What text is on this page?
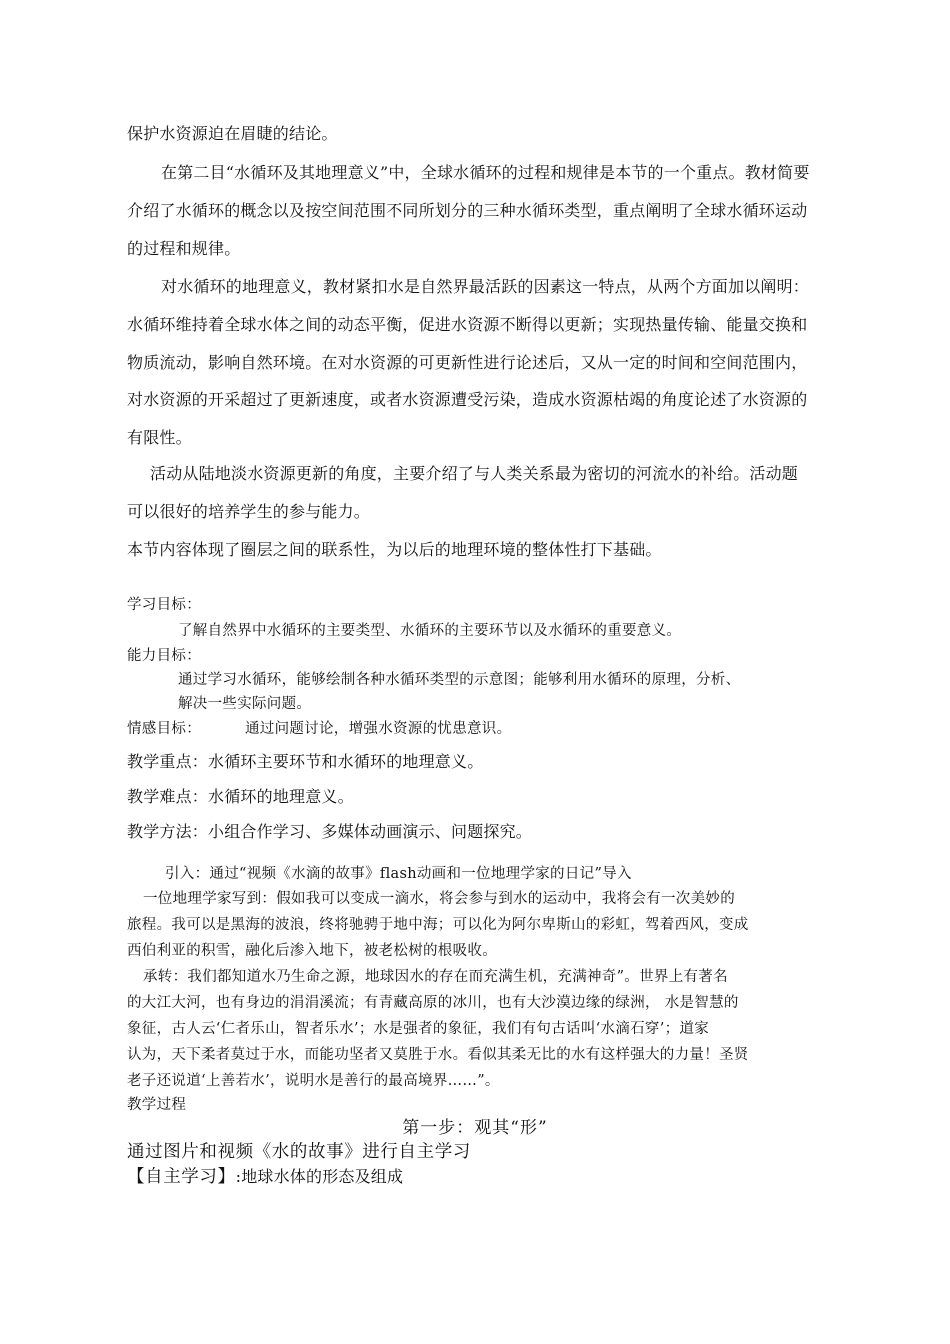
保护水资源迫在眉睫的结论。
在第二目“水循环及其地理意义”中，全球水循环的过程和规律是本节的一个重点。教材简要
介绍了水循环的概念以及按空间范围不同所划分的三种水循环类型，重点阐明了全球水循环运动
的过程和规律。
对水循环的地理意义，教材紧扣水是自然界最活跃的因素这一特点，从两个方面加以阐明：
水循环维持着全球水体之间的动态平衡，促进水资源不断得以更新；实现热量传输、能量交换和
物质流动，影响自然环境。在对水资源的可更新性进行论述后，又从一定的时间和空间范围内，
对水资源的开采超过了更新速度，或者水资源遭受污染，造成水资源枯竭的角度论述了水资源的
有限性。
活动从陆地淡水资源更新的角度，主要介绍了与人类关系最为密切的河流水的补给。活动题
可以很好的培养学生的参与能力。
本节内容体现了圈层之间的联系性，为以后的地理环境的整体性打下基础。
学习目标：
了解自然界中水循环的主要类型、水循环的主要环节以及水循环的重要意义。
能力目标：
通过学习水循环，能够绘制各种水循环类型的示意图；能够利用水循环的原理，分析、
解决一些实际问题。
情感目标：	通过问题讨论，增强水资源的忧患意识。
教学重点：水循环主要环节和水循环的地理意义。
教学难点：水循环的地理意义。
教学方法：小组合作学习、多媒体动画演示、问题探究。
引入：通过“视频《水滴的故事》flash动画和一位地理学家的日记”导入
一位地理学家写到：假如我可以变成一滴水，将会参与到水的运动中，我将会有一次美妙的
旅程。我可以是黑海的波浪，终将驰骋于地中海；可以化为阿尔卑斯山的彩虹，驾着西风，变成
西伯利亚的积雪，融化后渗入地下，被老松树的根吸收。
承转：我们都知道水乃生命之源，地球因水的存在而充满生机，充满神奇”。世界上有著名
的大江大河，也有身边的涓涓溪流；有青藏高原的冰川，也有大沙漠边缘的绿洲， 水是智慧的
象征，古人云‘仁者乐山，智者乐水’；水是强者的象征，我们有句古话叫‘水滴石穿’；道家
认为，天下柔者莫过于水，而能功坚者又莫胜于水。看似其柔无比的水有这样强大的力量！圣贤
老子还说道‘上善若水’，说明水是善行的最高境界……”。
教学过程
第一步：观其“形”
通过图片和视频《水的故事》进行自主学习
【自主学习】:地球水体的形态及组成
